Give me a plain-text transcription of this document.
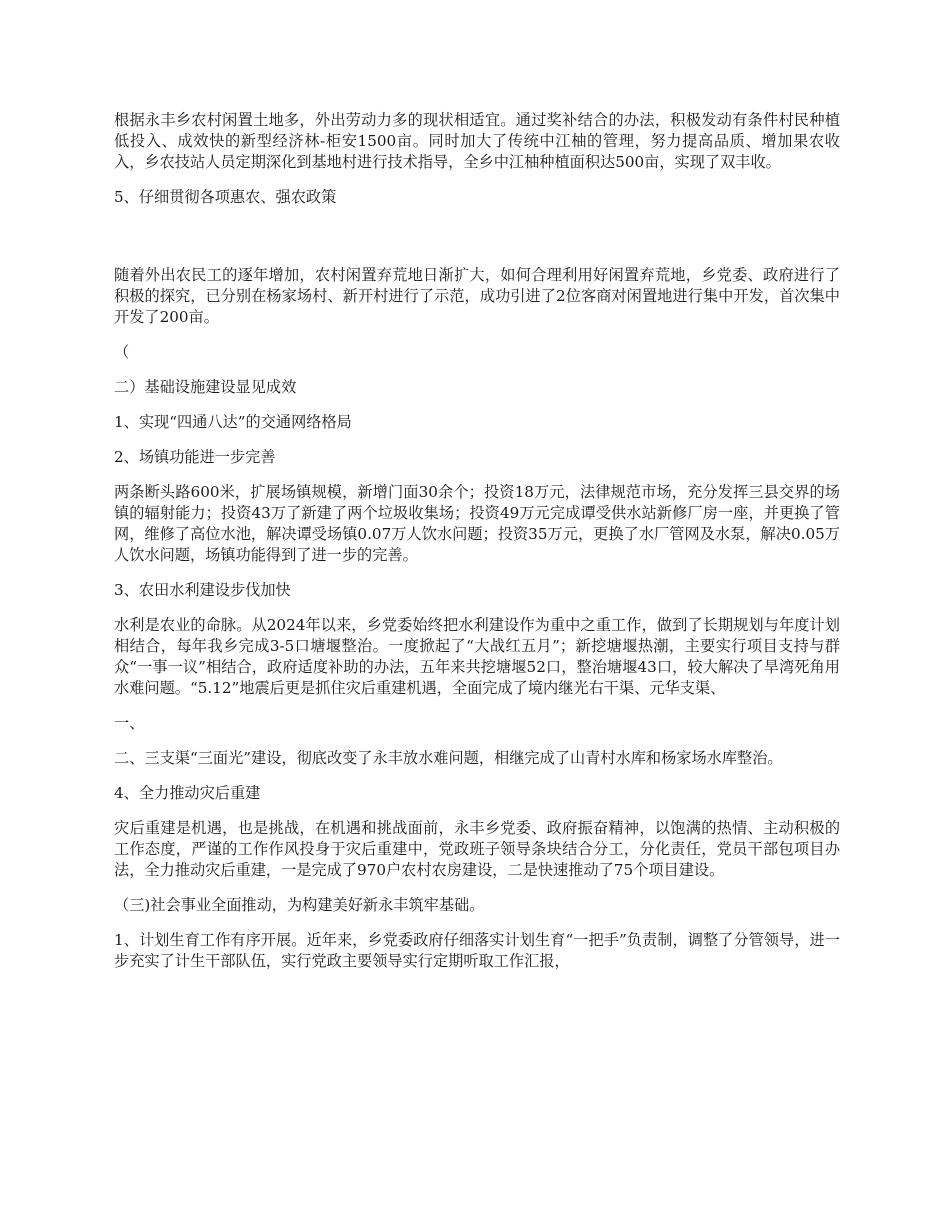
根据永丰乡农村闲置土地多，外出劳动力多的现状相适宜。通过奖补结合的办法，积极发动有条件村民种植低投入、成效快的新型经济林-柜安1500亩。同时加大了传统中江柚的管理，努力提高品质、增加果农收入，乡农技站人员定期深化到基地村进行技术指导，全乡中江柚种植面积达500亩，实现了双丰收。

5、仔细贯彻各项惠农、强农政策

随着外出农民工的逐年增加，农村闲置弃荒地日渐扩大，如何合理利用好闲置弃荒地，乡党委、政府进行了积极的探究，已分别在杨家场村、新开村进行了示范，成功引进了2位客商对闲置地进行集中开发，首次集中开发了200亩。

（

二）基础设施建设显见成效

1、实现“四通八达”的交通网络格局

2、场镇功能进一步完善

两条断头路600米，扩展场镇规模，新增门面30余个；投资18万元，法律规范市场，充分发挥三县交界的场镇的辐射能力；投资43万了新建了两个垃圾收集场；投资49万元完成谭受供水站新修厂房一座，并更换了管网，维修了高位水池，解决谭受场镇0.07万人饮水问题；投资35万元，更换了水厂管网及水泵，解决0.05万人饮水问题，场镇功能得到了进一步的完善。

3、农田水利建设步伐加快

水利是农业的命脉。从2024年以来，乡党委始终把水利建设作为重中之重工作，做到了长期规划与年度计划相结合，每年我乡完成3-5口塘堰整治。一度掀起了“大战红五月”；新挖塘堰热潮，主要实行项目支持与群众“一事一议”相结合，政府适度补助的办法，五年来共挖塘堰52口，整治塘堰43口，较大解决了旱湾死角用水难问题。“5.12”地震后更是抓住灾后重建机遇，全面完成了境内继光右干渠、元华支渠、

一、

二、三支渠“三面光”建设，彻底改变了永丰放水难问题，相继完成了山青村水库和杨家场水库整治。

4、全力推动灾后重建

灾后重建是机遇，也是挑战，在机遇和挑战面前，永丰乡党委、政府振奋精神，以饱满的热情、主动积极的工作态度，严谨的工作作风投身于灾后重建中，党政班子领导条块结合分工，分化责任，党员干部包项目办法，全力推动灾后重建，一是完成了970户农村农房建设，二是快速推动了75个项目建设。

（三)社会事业全面推动，为构建美好新永丰筑牢基础。

1、计划生育工作有序开展。近年来，乡党委政府仔细落实计划生育“一把手”负责制，调整了分管领导，进一步充实了计生干部队伍，实行党政主要领导实行定期听取工作汇报，
